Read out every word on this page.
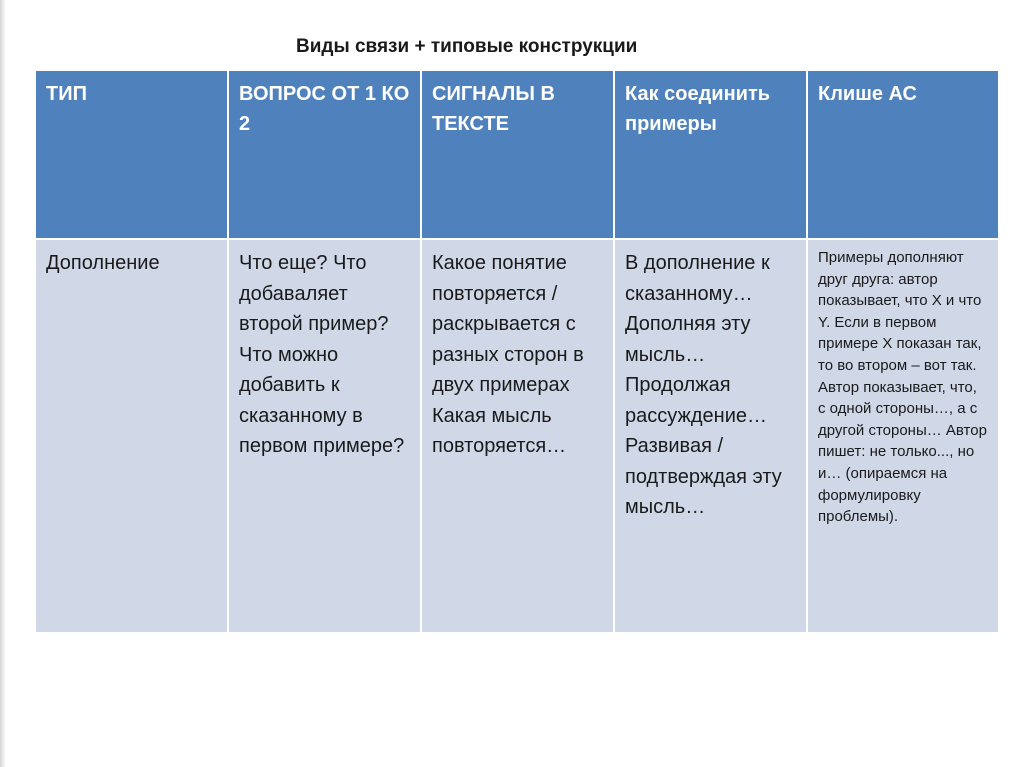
Виды связи + типовые конструкции
ТИП	ВОПРОС ОТ 1 КО 2	СИГНАЛЫ В ТЕКСТЕ	Как соединить примеры	Клише АС

Дополнение	Что еще? Что добавaляет второй пример? Что можно добавить к сказанному в первом примере?	Какое понятие повторяется / раскрывается с разных сторон в двух примерах Какая мысль повторяется…	В дополнение к сказанному… Дополняя эту мысль… Продолжая рассуждение… Развивая / подтверждая эту мысль…	Примеры дополняют друг друга: автор показывает, что X и что Y. Если в первом примере X показан так, то во втором – вот так. Автор показывает, что, с одной стороны…, а с другой стороны… Автор пишет: не только..., но и… (опираемся на формулировку проблемы).
